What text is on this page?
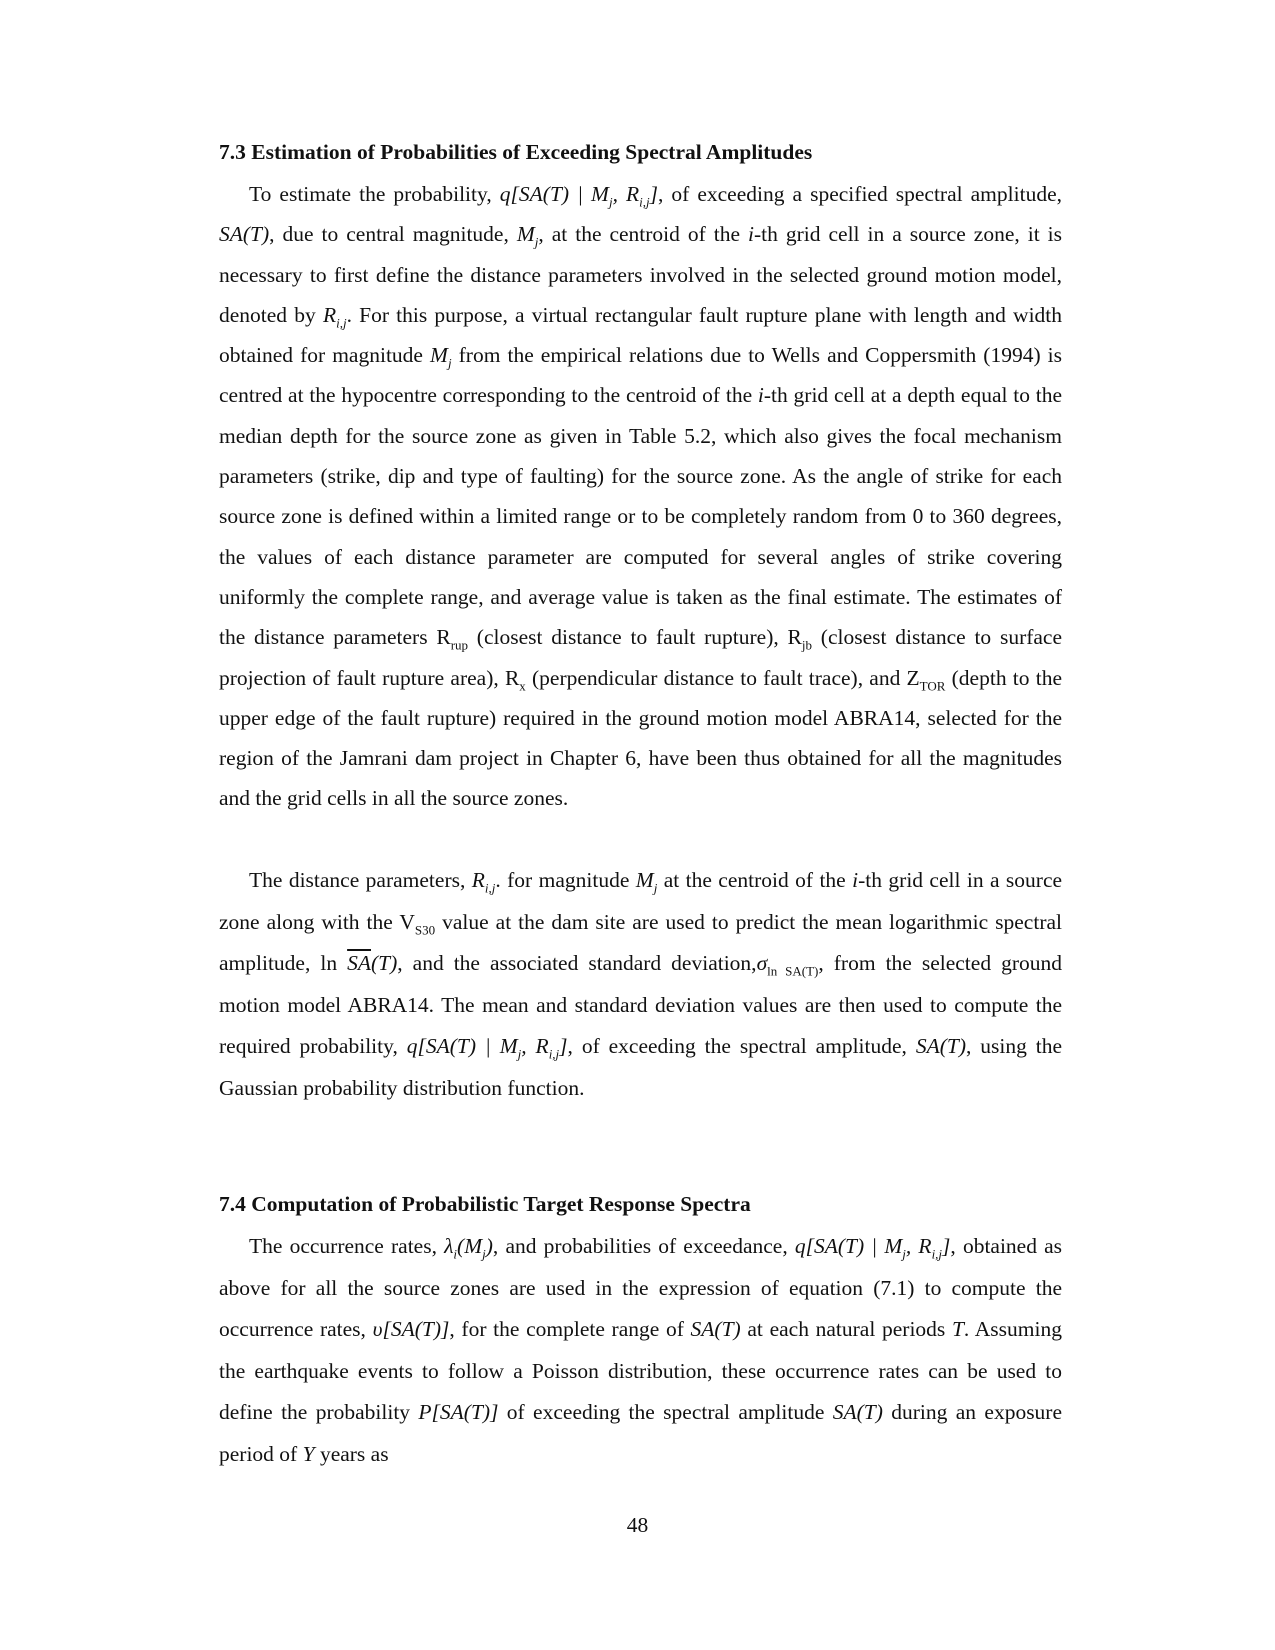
7.3 Estimation of Probabilities of Exceeding Spectral Amplitudes

To estimate the probability, q[SA(T) | $M_j$, $R_{i,j}$], of exceeding a specified spectral amplitude, SA(T), due to central magnitude, $M_j$, at the centroid of the i-th grid cell in a source zone, it is necessary to first define the distance parameters involved in the selected ground motion model, denoted by $R_{i,j}$. For this purpose, a virtual rectangular fault rupture plane with length and width obtained for magnitude $M_j$ from the empirical relations due to Wells and Coppersmith (1994) is centred at the hypocentre corresponding to the centroid of the i-th grid cell at a depth equal to the median depth for the source zone as given in Table 5.2, which also gives the focal mechanism parameters (strike, dip and type of faulting) for the source zone. As the angle of strike for each source zone is defined within a limited range or to be completely random from 0 to 360 degrees, the values of each distance parameter are computed for several angles of strike covering uniformly the complete range, and average value is taken as the final estimate. The estimates of the distance parameters $R_{rup}$ (closest distance to fault rupture), $R_{jb}$ (closest distance to surface projection of fault rupture area), $R_x$ (perpendicular distance to fault trace), and $Z_{TOR}$ (depth to the upper edge of the fault rupture) required in the ground motion model ABRA14, selected for the region of the Jamrani dam project in Chapter 6, have been thus obtained for all the magnitudes and the grid cells in all the source zones.

The distance parameters, $R_{i,j}$. for magnitude $M_j$ at the centroid of the i-th grid cell in a source zone along with the $V_{S30}$ value at the dam site are used to predict the mean logarithmic spectral amplitude, $\ln \overline{SA}(T)$, and the associated standard $deviation,\sigma_{ln SA(T)}$, from the selected ground motion model ABRA14. The mean and standard deviation values are then used to compute the required probability, q[SA(T) | $M_j$, $R_{i,j}$], of exceeding the spectral amplitude, SA(T), using the Gaussian probability distribution function.

7.4 Computation of Probabilistic Target Response Spectra

The occurrence rates, $\lambda_i(M_j)$, and probabilities of exceedance, q[SA(T) | $M_j$, $R_{i,j}$], obtained as above for all the source zones are used in the expression of equation (7.1) to compute the occurrence rates, υ[SA(T)], for the complete range of SA(T) at each natural periods T. Assuming the earthquake events to follow a Poisson distribution, these occurrence rates can be used to define the probability P[SA(T)] of exceeding the spectral amplitude SA(T) during an exposure period of Y years as

48
